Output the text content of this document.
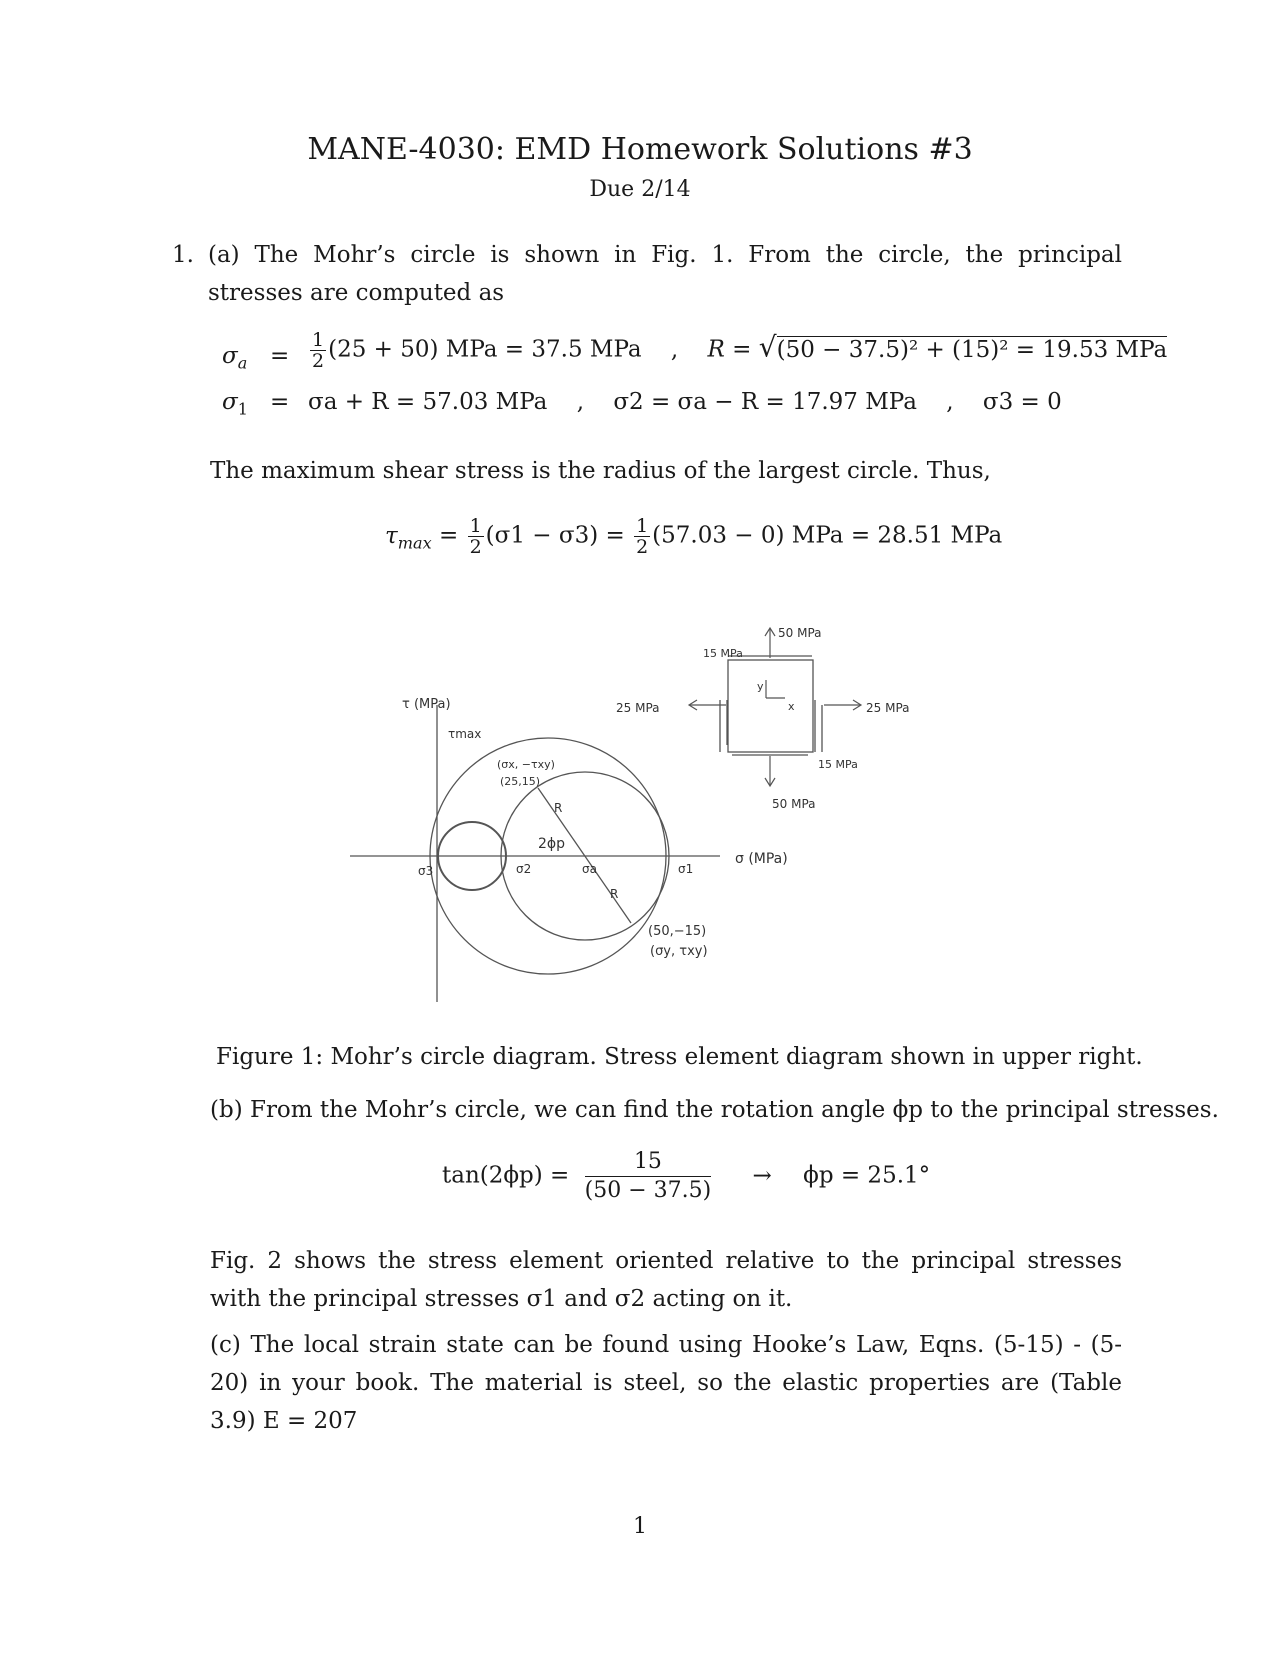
MANE-4030: EMD Homework Solutions #3
Due 2/14
1. (a) The Mohr’s circle is shown in Fig. 1. From the circle, the principal stresses are computed as
$\sigma_a = \frac{1}{2} (25 + 50)$ MPa = 37.5 MPa , R = √(50 − 37.5)² + (15)² = 19.53 MPa
$\sigma_1 = \sigma a + R = 57.03$ MPa , σ2 = σa − R = 17.97 MPa , σ3 = 0
The maximum shear stress is the radius of the largest circle. Thus,
$\tau_{max} = \frac{1}{2} (\sigma 1 - \sigma 3) = \frac{1}{2} (57.03 - 0)$ MPa = 28.51 MPa
τ (MPa)
τmax
(σx, −τxy)
(25,15)
R
2ϕp
σ3	σ2	σa	σ1
R
σ (MPa)
(50,−15)
(σy, τxy)
50 MPa
15 MPa
25 MPa	25 MPa
15 MPa
50 MPa
y
x
Figure 1: Mohr’s circle diagram. Stress element diagram shown in upper right.
(b) From the Mohr’s circle, we can find the rotation angle ϕp to the principal stresses.
$\tan(2\phi p) = \frac{15}{(50 - 37.5)} \to \phi p = 25.1^\circ$
Fig. 2 shows the stress element oriented relative to the principal stresses with the principal stresses σ1 and σ2 acting on it.
(c) The local strain state can be found using Hooke’s Law, Eqns. (5-15) - (5-20) in your book. The material is steel, so the elastic properties are (Table 3.9) E = 207
1
